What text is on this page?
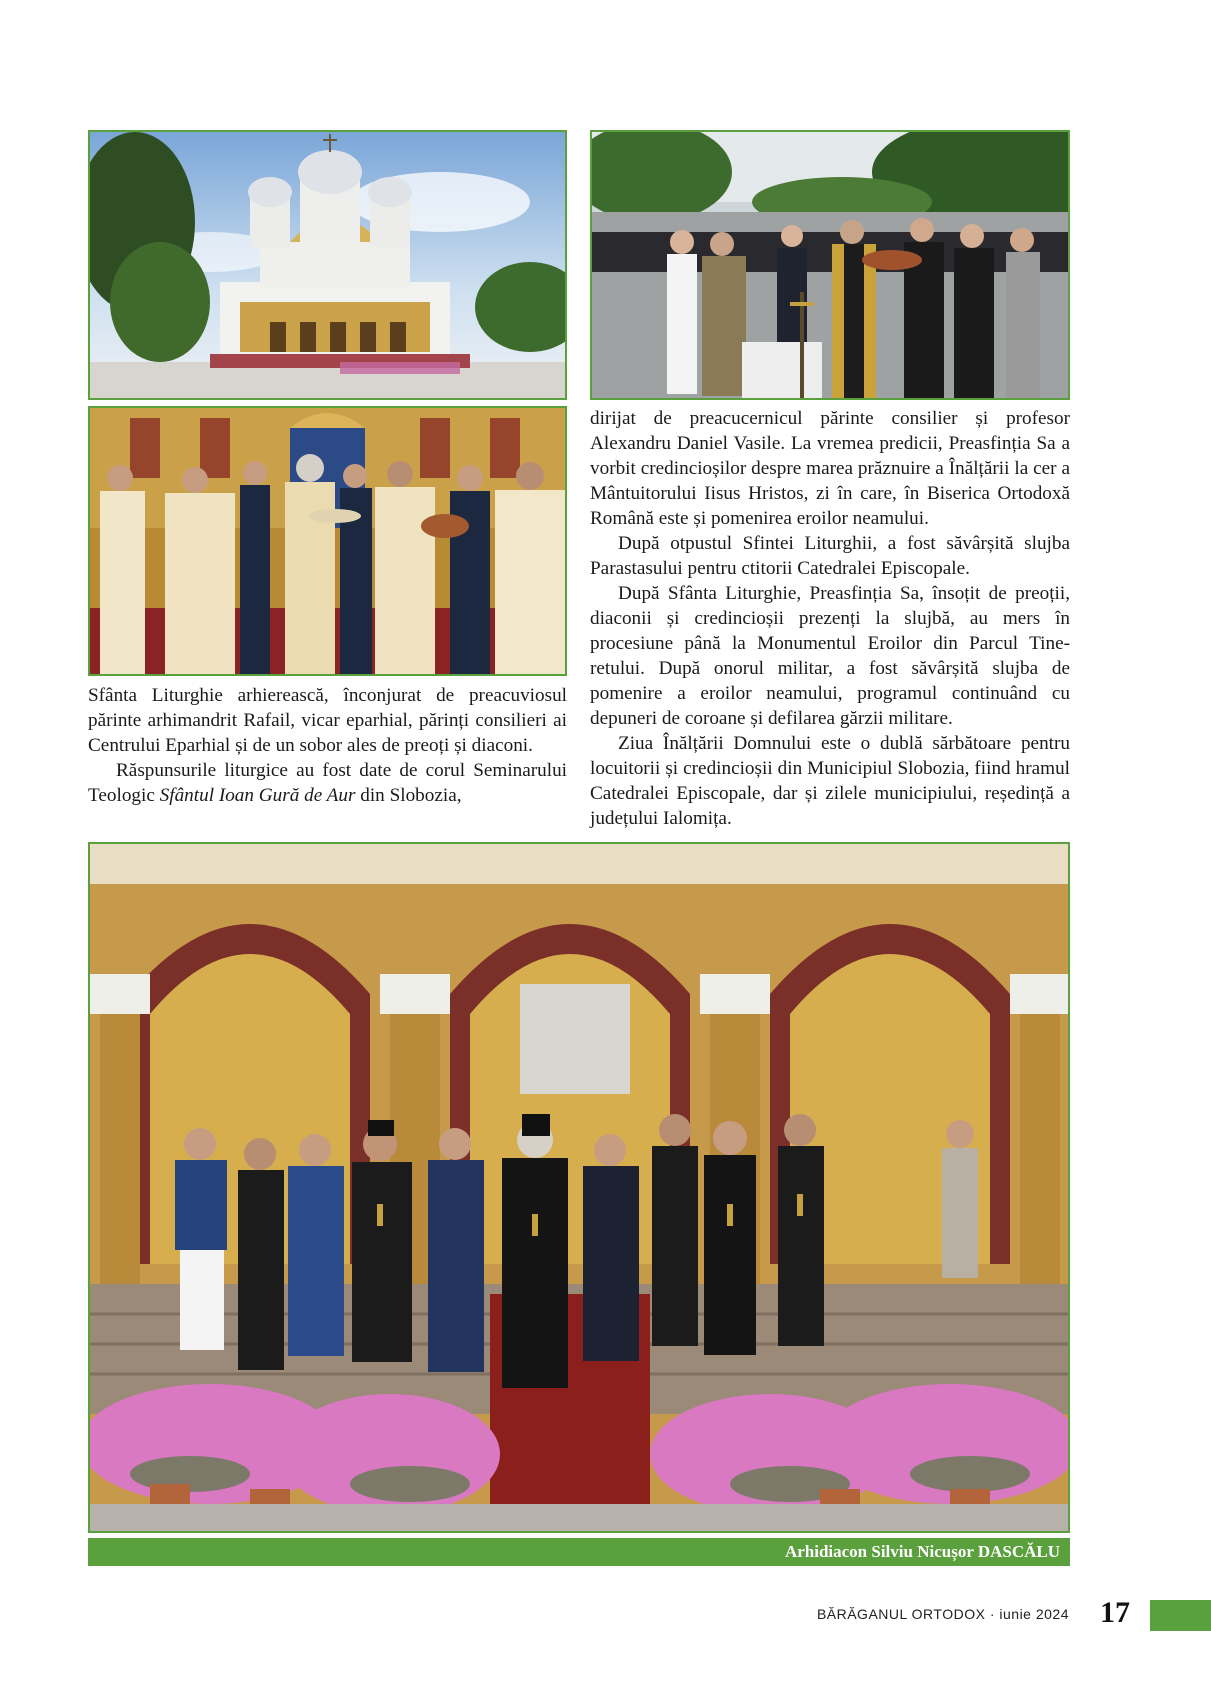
Sfânta Liturghie arhierească, înconjurat de preacuviosul părinte arhimandrit Rafail, vicar eparhial, părinți consilieri ai Centrului Eparhial și de un sobor ales de preoți și diaconi.

Răspunsurile liturgice au fost date de corul Seminarului Teologic Sfântul Ioan Gură de Aur din Slobozia,

dirijat de preacucernicul părinte consilier și profesor Alexandru Daniel Vasile. La vremea predicii, Preasfinția Sa a vorbit credincioșilor despre marea prăznuire a Înălțării la cer a Mântuitorului Iisus Hristos, zi în care, în Biserica Ortodoxă Română este și pomenirea eroilor neamului.

După otpustul Sfintei Liturghii, a fost săvârșită slujba Parastasului pentru ctitorii Catedralei Episcopale.

După Sfânta Liturghie, Preasfinția Sa, însoțit de preoții, diaconii și credincioșii prezenți la slujbă, au mers în procesiune până la Monumentul Eroilor din Parcul Tineretului. După onorul militar, a fost săvârșită slujba de pomenire a eroilor neamului, programul continuând cu depuneri de coroane și defilarea gărzii militare.

Ziua Înălțării Domnului este o dublă sărbătoare pentru locuitorii și credincioșii din Municipiul Slobozia, fiind hramul Catedralei Episcopale, dar și zilele municipiului, reședință a județului Ialomița.

Arhidiacon Silviu Nicușor DASCĂLU
BĂRĂGANUL ORTODOX · iunie 2024 17
